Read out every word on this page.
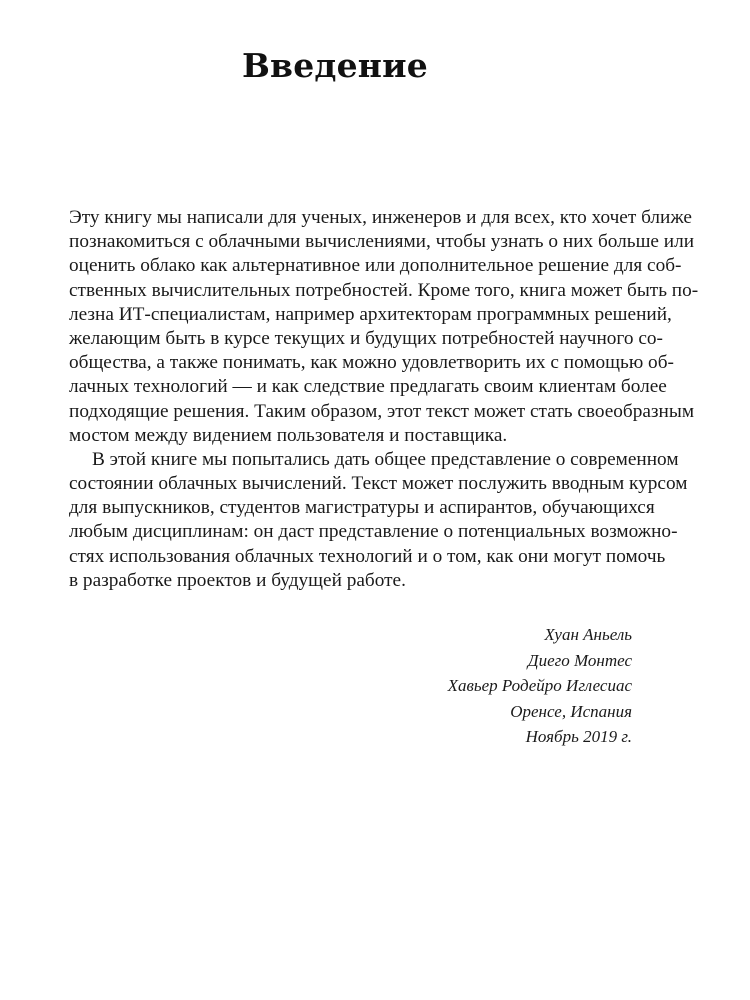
Введение
Эту книгу мы написали для ученых, инженеров и для всех, кто хочет ближе
познакомиться с облачными вычислениями, чтобы узнать о них больше или
оценить облако как альтернативное или дополнительное решение для соб-
ственных вычислительных потребностей. Кроме того, книга может быть по-
лезна ИТ-специалистам, например архитекторам программных решений,
желающим быть в курсе текущих и будущих потребностей научного со-
общества, а также понимать, как можно удовлетворить их с помощью об-
лачных технологий — и как следствие предлагать своим клиентам более
подходящие решения. Таким образом, этот текст может стать своеобразным
мостом между видением пользователя и поставщика.
В этой книге мы попытались дать общее представление о современном
состоянии облачных вычислений. Текст может послужить вводным курсом
для выпускников, студентов магистратуры и аспирантов, обучающихся
любым дисциплинам: он даст представление о потенциальных возможно-
стях использования облачных технологий и о том, как они могут помочь
в разработке проектов и будущей работе.
Хуан Аньель
Диего Монтес
Хавьер Родейро Иглесиас
Оренсе, Испания
Ноябрь 2019 г.
